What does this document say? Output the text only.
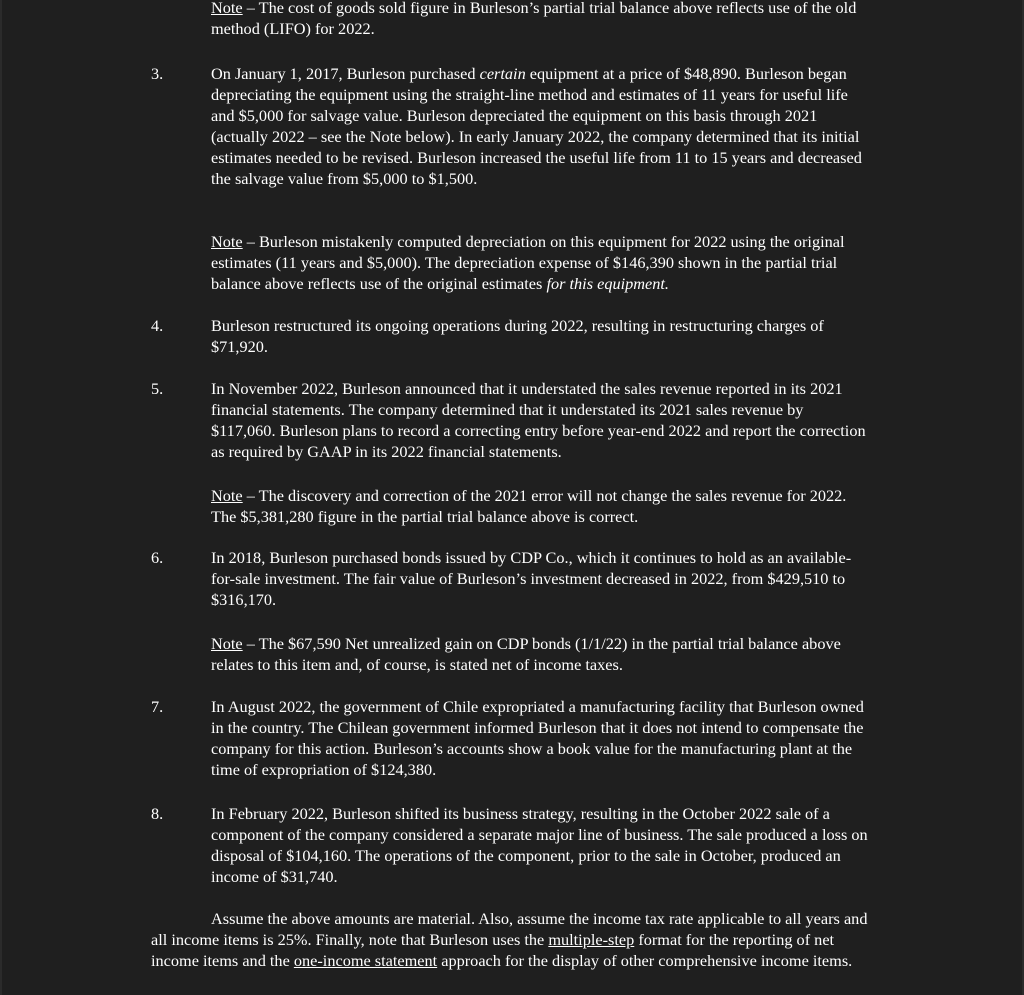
Note – The cost of goods sold figure in Burleson’s partial trial balance above reflects use of the old method (LIFO) for 2022.

3.	On January 1, 2017, Burleson purchased certain equipment at a price of $48,890. Burleson began depreciating the equipment using the straight-line method and estimates of 11 years for useful life and $5,000 for salvage value. Burleson depreciated the equipment on this basis through 2021 (actually 2022 – see the Note below). In early January 2022, the company determined that its initial estimates needed to be revised. Burleson increased the useful life from 11 to 15 years and decreased the salvage value from $5,000 to $1,500.

Note – Burleson mistakenly computed depreciation on this equipment for 2022 using the original estimates (11 years and $5,000). The depreciation expense of $146,390 shown in the partial trial balance above reflects use of the original estimates for this equipment.

4.	Burleson restructured its ongoing operations during 2022, resulting in restructuring charges of $71,920.

5.	In November 2022, Burleson announced that it understated the sales revenue reported in its 2021 financial statements. The company determined that it understated its 2021 sales revenue by $117,060. Burleson plans to record a correcting entry before year-end 2022 and report the correction as required by GAAP in its 2022 financial statements.

Note – The discovery and correction of the 2021 error will not change the sales revenue for 2022. The $5,381,280 figure in the partial trial balance above is correct.

6.	In 2018, Burleson purchased bonds issued by CDP Co., which it continues to hold as an available-for-sale investment. The fair value of Burleson’s investment decreased in 2022, from $429,510 to $316,170.

Note – The $67,590 Net unrealized gain on CDP bonds (1/1/22) in the partial trial balance above relates to this item and, of course, is stated net of income taxes.

7.	In August 2022, the government of Chile expropriated a manufacturing facility that Burleson owned in the country. The Chilean government informed Burleson that it does not intend to compensate the company for this action. Burleson’s accounts show a book value for the manufacturing plant at the time of expropriation of $124,380.

8.	In February 2022, Burleson shifted its business strategy, resulting in the October 2022 sale of a component of the company considered a separate major line of business. The sale produced a loss on disposal of $104,160. The operations of the component, prior to the sale in October, produced an income of $31,740.

Assume the above amounts are material. Also, assume the income tax rate applicable to all years and all income items is 25%. Finally, note that Burleson uses the multiple-step format for the reporting of net income items and the one-income statement approach for the display of other comprehensive income items.
